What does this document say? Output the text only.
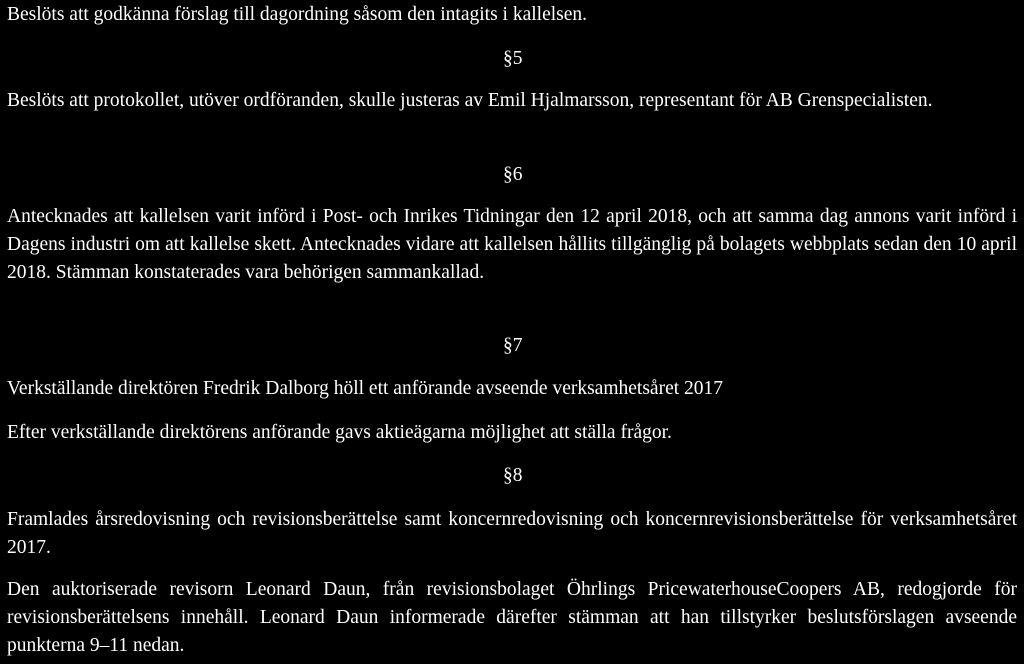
Beslöts att godkänna förslag till dagordning såsom den intagits i kallelsen.

§5

Beslöts att protokollet, utöver ordföranden, skulle justeras av Emil Hjalmarsson, representant för AB Grenspecialisten.

§6

Antecknades att kallelsen varit införd i Post- och Inrikes Tidningar den 12 april 2018, och att samma dag annons varit införd i Dagens industri om att kallelse skett. Antecknades vidare att kallelsen hållits tillgänglig på bolagets webbplats sedan den 10 april 2018. Stämman konstaterades vara behörigen sammankallad.

§7

Verkställande direktören Fredrik Dalborg höll ett anförande avseende verksamhetsåret 2017

Efter verkställande direktörens anförande gavs aktieägarna möjlighet att ställa frågor.

§8

Framlades årsredovisning och revisionsberättelse samt koncernredovisning och koncernrevisionsberättelse för verksamhetsåret 2017.

Den auktoriserade revisorn Leonard Daun, från revisionsbolaget Öhrlings PricewaterhouseCoopers AB, redogjorde för revisionsberättelsens innehåll. Leonard Daun informerade därefter stämman att han tillstyrker beslutsförslagen avseende punkterna 9–11 nedan.
